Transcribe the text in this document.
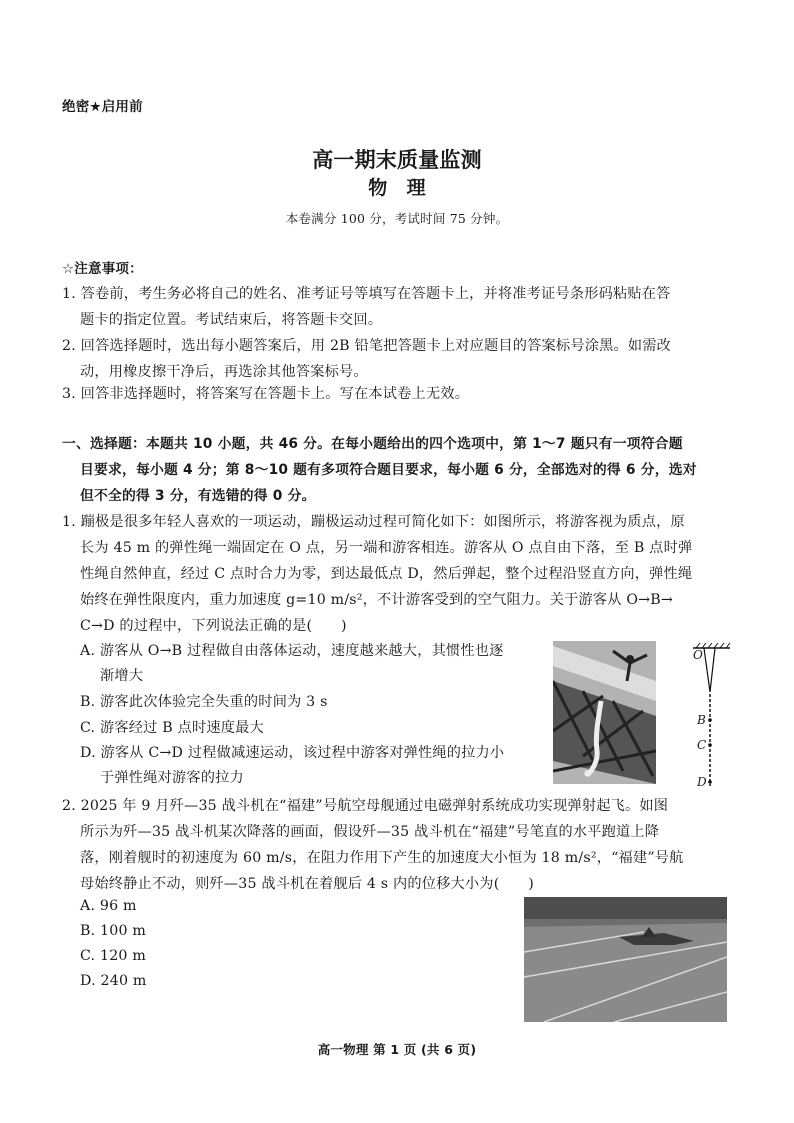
绝密★启用前
高一期末质量监测
物　理
本卷满分 100 分，考试时间 75 分钟。
☆注意事项：
1. 答卷前，考生务必将自己的姓名、准考证号等填写在答题卡上，并将准考证号条形码粘贴在答
题卡的指定位置。考试结束后，将答题卡交回。
2. 回答选择题时，选出每小题答案后，用 2B 铅笔把答题卡上对应题目的答案标号涂黑。如需改
动，用橡皮擦干净后，再选涂其他答案标号。
3. 回答非选择题时，将答案写在答题卡上。写在本试卷上无效。
一、选择题：本题共 10 小题，共 46 分。在每小题给出的四个选项中，第 1～7 题只有一项符合题
目要求，每小题 4 分；第 8～10 题有多项符合题目要求，每小题 6 分，全部选对的得 6 分，选对
但不全的得 3 分，有选错的得 0 分。
1. 蹦极是很多年轻人喜欢的一项运动，蹦极运动过程可简化如下：如图所示，将游客视为质点，原
长为 45 m 的弹性绳一端固定在 O 点，另一端和游客相连。游客从 O 点自由下落，至 B 点时弹
性绳自然伸直，经过 C 点时合力为零，到达最低点 D，然后弹起，整个过程沿竖直方向，弹性绳
始终在弹性限度内，重力加速度 g=10 m/s²，不计游客受到的空气阻力。关于游客从 O→B→
C→D 的过程中，下列说法正确的是(　　)
A. 游客从 O→B 过程做自由落体运动，速度越来越大，其惯性也逐
渐增大
B. 游客此次体验完全失重的时间为 3 s
C. 游客经过 B 点时速度最大
D. 游客从 C→D 过程做减速运动，该过程中游客对弹性绳的拉力小
于弹性绳对游客的拉力
O
B
C
D
2. 2025 年 9 月歼—35 战斗机在“福建”号航空母舰通过电磁弹射系统成功实现弹射起飞。如图
所示为歼—35 战斗机某次降落的画面，假设歼—35 战斗机在“福建”号笔直的水平跑道上降
落，刚着舰时的初速度为 60 m/s，在阻力作用下产生的加速度大小恒为 18 m/s²，“福建”号航
母始终静止不动，则歼—35 战斗机在着舰后 4 s 内的位移大小为(　　)
A. 96 m
B. 100 m
C. 120 m
D. 240 m
高一物理 第 1 页 (共 6 页)
